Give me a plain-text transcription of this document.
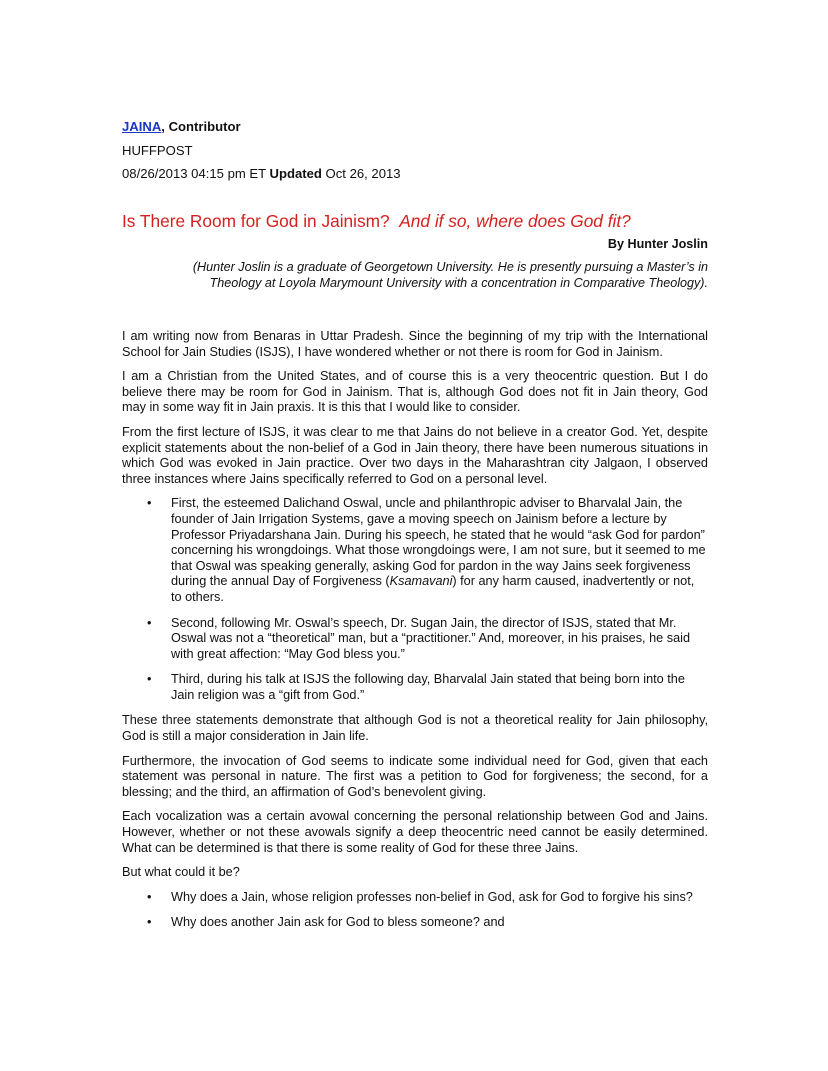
JAINA, Contributor
HUFFPOST
08/26/2013 04:15 pm ET Updated Oct 26, 2013
Is There Room for God in Jainism? And if so, where does God fit?
By Hunter Joslin
(Hunter Joslin is a graduate of Georgetown University. He is presently pursuing a Master’s in Theology at Loyola Marymount University with a concentration in Comparative Theology).

I am writing now from Benaras in Uttar Pradesh. Since the beginning of my trip with the International School for Jain Studies (ISJS), I have wondered whether or not there is room for God in Jainism.

I am a Christian from the United States, and of course this is a very theocentric question. But I do believe there may be room for God in Jainism. That is, although God does not fit in Jain theory, God may in some way fit in Jain praxis. It is this that I would like to consider.

From the first lecture of ISJS, it was clear to me that Jains do not believe in a creator God. Yet, despite explicit statements about the non-belief of a God in Jain theory, there have been numerous situations in which God was evoked in Jain practice. Over two days in the Maharashtran city Jalgaon, I observed three instances where Jains specifically referred to God on a personal level.

• First, the esteemed Dalichand Oswal, uncle and philanthropic adviser to Bharvalal Jain, the founder of Jain Irrigation Systems, gave a moving speech on Jainism before a lecture by Professor Priyadarshana Jain. During his speech, he stated that he would “ask God for pardon” concerning his wrongdoings. What those wrongdoings were, I am not sure, but it seemed to me that Oswal was speaking generally, asking God for pardon in the way Jains seek forgiveness during the annual Day of Forgiveness (Ksamavani) for any harm caused, inadvertently or not, to others.
• Second, following Mr. Oswal’s speech, Dr. Sugan Jain, the director of ISJS, stated that Mr. Oswal was not a “theoretical” man, but a “practitioner.” And, moreover, in his praises, he said with great affection: “May God bless you.”
• Third, during his talk at ISJS the following day, Bharvalal Jain stated that being born into the Jain religion was a “gift from God.”

These three statements demonstrate that although God is not a theoretical reality for Jain philosophy, God is still a major consideration in Jain life.

Furthermore, the invocation of God seems to indicate some individual need for God, given that each statement was personal in nature. The first was a petition to God for forgiveness; the second, for a blessing; and the third, an affirmation of God’s benevolent giving.

Each vocalization was a certain avowal concerning the personal relationship between God and Jains. However, whether or not these avowals signify a deep theocentric need cannot be easily determined. What can be determined is that there is some reality of God for these three Jains.

But what could it be?

• Why does a Jain, whose religion professes non-belief in God, ask for God to forgive his sins?
• Why does another Jain ask for God to bless someone? and
